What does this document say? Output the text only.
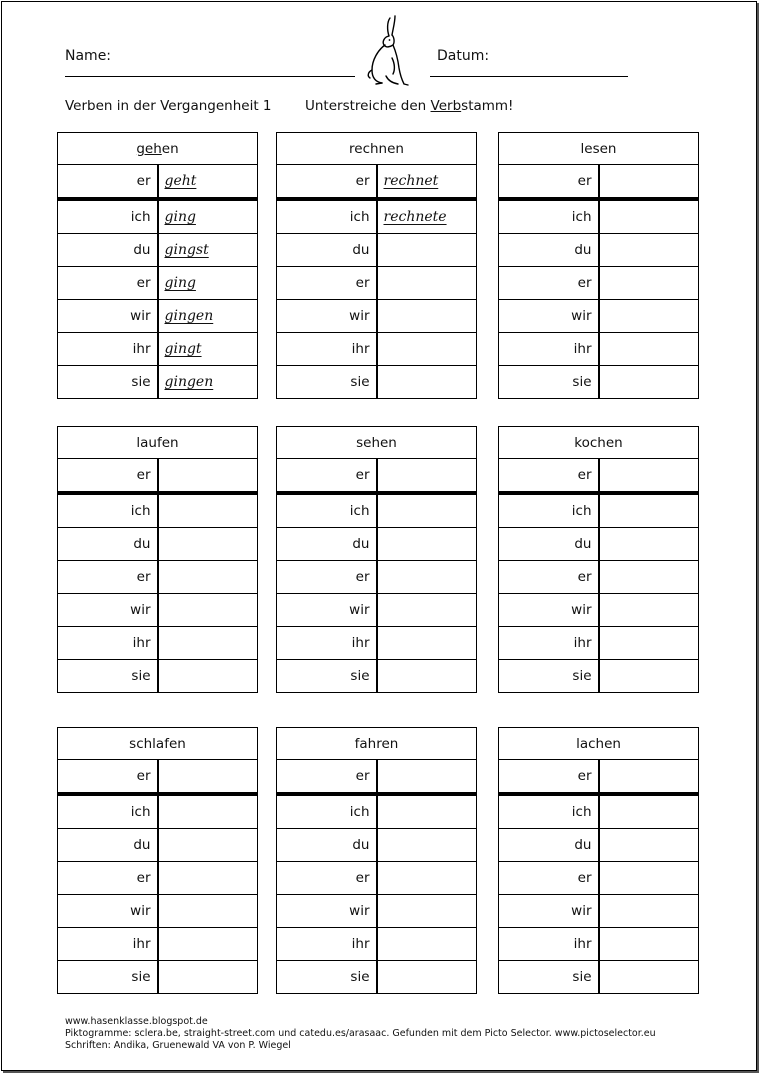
Name:	Datum:
Verben in der Vergangenheit 1 Unterstreiche den Verbstamm!
gehen	
er	geht
ich	ging
du	gingst
er	ging
wir	gingen
ihr	gingt
sie	gingen
rechnen	
er	rechnet
ich	rechnete
du	
er	
wir	
ihr	
sie	
lesen	
er	
ich	
du	
er	
wir	
ihr	
sie	
laufen	
er	
ich	
du	
er	
wir	
ihr	
sie	
sehen	
er	
ich	
du	
er	
wir	
ihr	
sie	
kochen	
er	
ich	
du	
er	
wir	
ihr	
sie	
schlafen	
er	
ich	
du	
er	
wir	
ihr	
sie	
fahren	
er	
ich	
du	
er	
wir	
ihr	
sie	
lachen	
er	
ich	
du	
er	
wir	
ihr	
sie	
www.hasenklasse.blogspot.de
Piktogramme: sclera.be, straight-street.com und catedu.es/arasaac. Gefunden mit dem Picto Selector. www.pictoselector.eu
Schriften: Andika, Gruenewald VA von P. Wiegel
